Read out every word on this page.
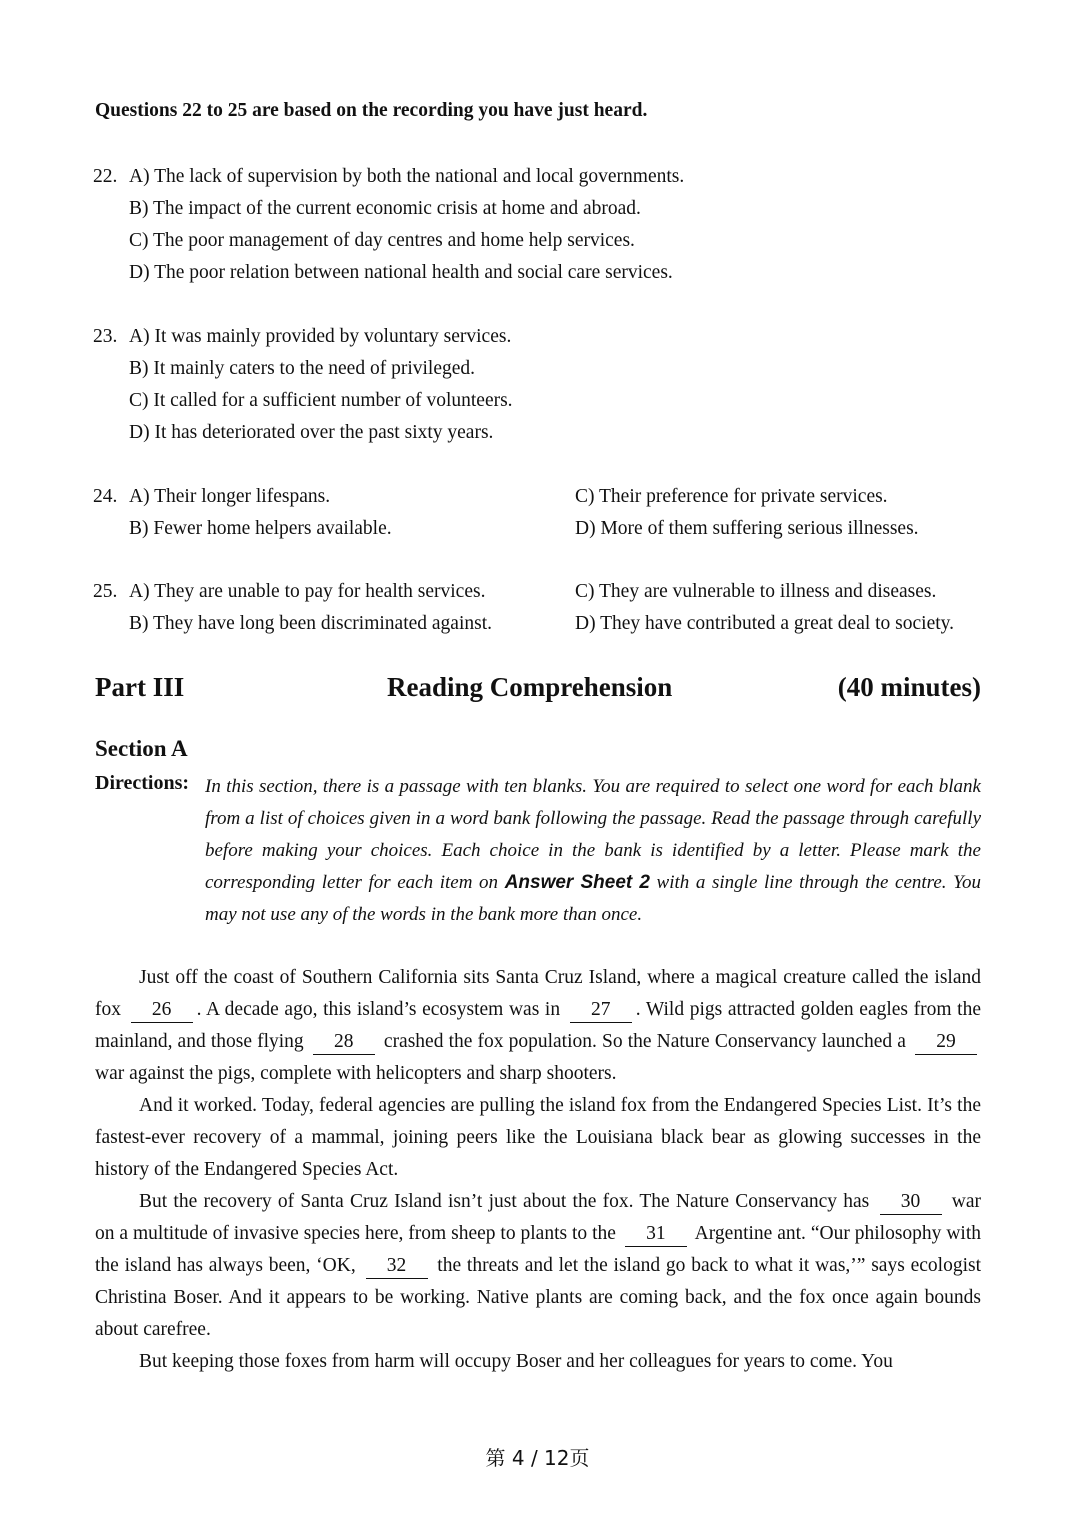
Questions 22 to 25 are based on the recording you have just heard.
22. A) The lack of supervision by both the national and local governments.
B) The impact of the current economic crisis at home and abroad.
C) The poor management of day centres and home help services.
D) The poor relation between national health and social care services.
23. A) It was mainly provided by voluntary services.
B) It mainly caters to the need of privileged.
C) It called for a sufficient number of volunteers.
D) It has deteriorated over the past sixty years.
24. A) Their longer lifespans.	C) Their preference for private services.
B) Fewer home helpers available.	D) More of them suffering serious illnesses.
25. A) They are unable to pay for health services.	C) They are vulnerable to illness and diseases.
B) They have long been discriminated against.	D) They have contributed a great deal to society.
Part III	Reading Comprehension	(40 minutes)
Section A
Directions: In this section, there is a passage with ten blanks. You are required to select one word for each blank from a list of choices given in a word bank following the passage. Read the passage through carefully before making your choices. Each choice in the bank is identified by a letter. Please mark the corresponding letter for each item on Answer Sheet 2 with a single line through the centre. You may not use any of the words in the bank more than once.

Just off the coast of Southern California sits Santa Cruz Island, where a magical creature called the island fox 26 . A decade ago, this island’s ecosystem was in 27 . Wild pigs attracted golden eagles from the mainland, and those flying 28 crashed the fox population. So the Nature Conservancy launched a 29 war against the pigs, complete with helicopters and sharp shooters.

And it worked. Today, federal agencies are pulling the island fox from the Endangered Species List. It’s the fastest-ever recovery of a mammal, joining peers like the Louisiana black bear as glowing successes in the history of the Endangered Species Act.

But the recovery of Santa Cruz Island isn’t just about the fox. The Nature Conservancy has 30 war on a multitude of invasive species here, from sheep to plants to the 31 Argentine ant. “Our philosophy with the island has always been, ‘OK, 32 the threats and let the island go back to what it was,’” says ecologist Christina Boser. And it appears to be working. Native plants are coming back, and the fox once again bounds about carefree.

But keeping those foxes from harm will occupy Boser and her colleagues for years to come. You

第 4 / 12页
